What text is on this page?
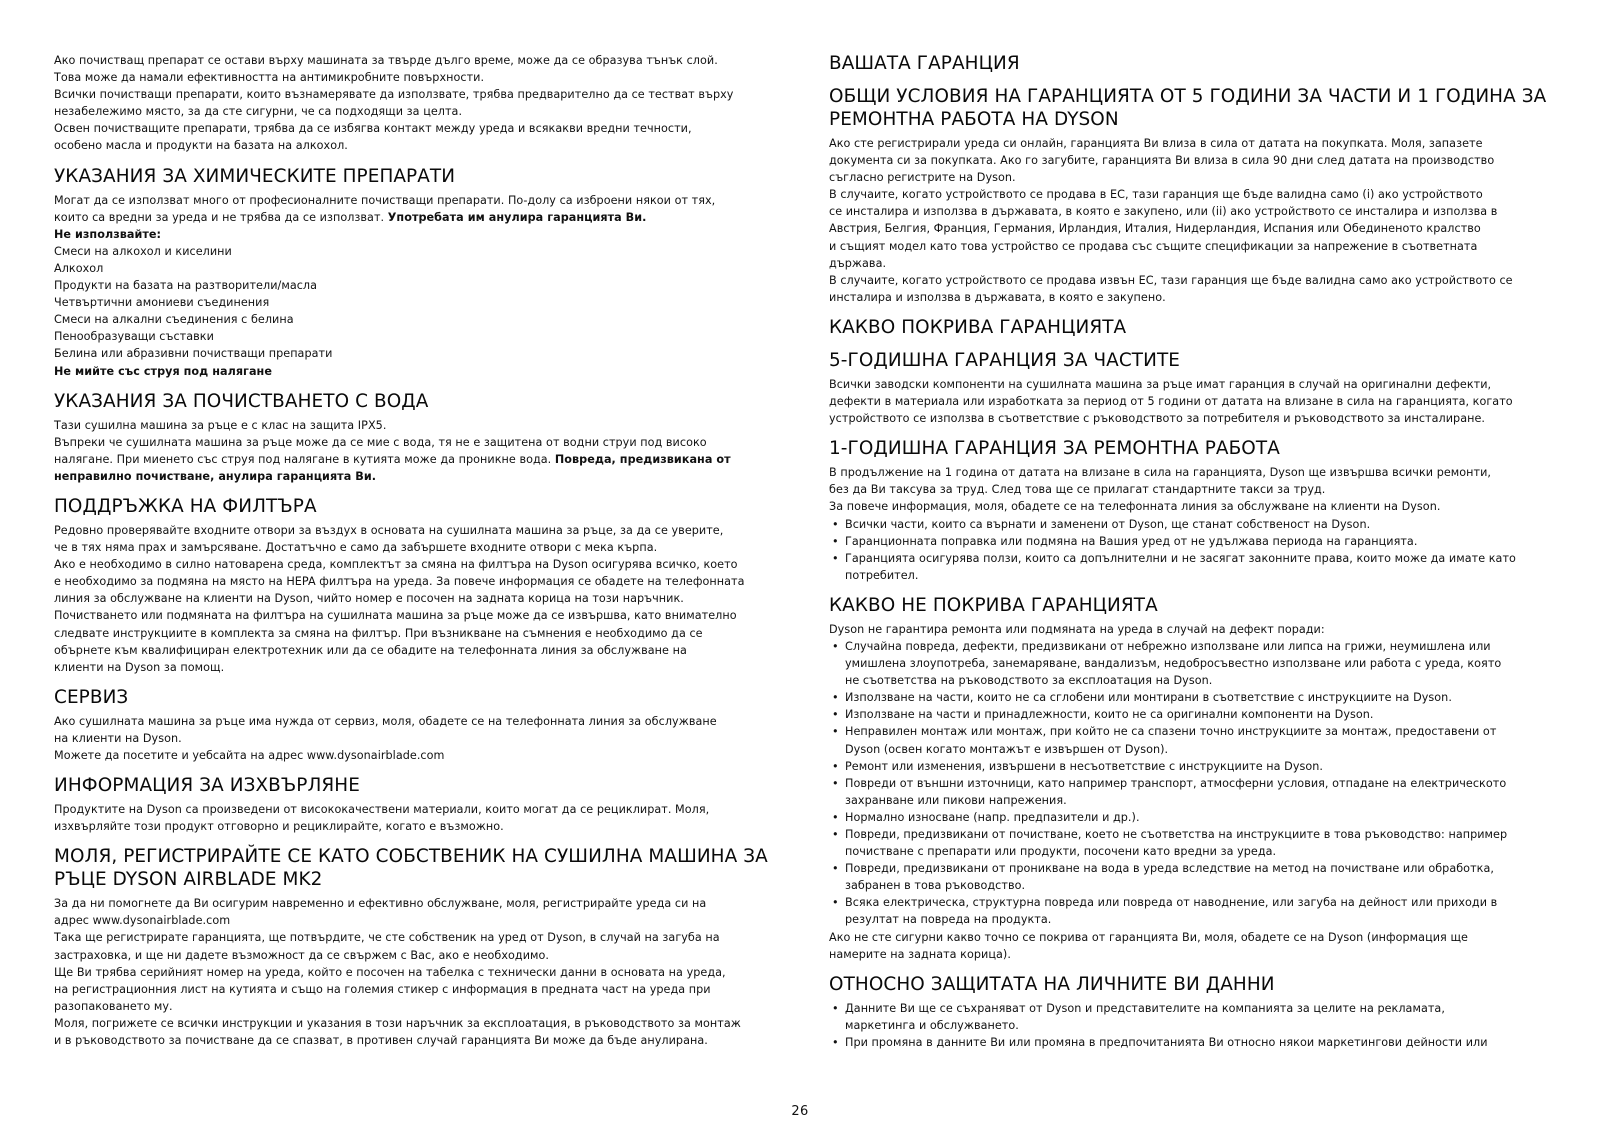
Ако почистващ препарат се остави върху машината за твърде дълго време, може да се образува тънък слой.
Това може да намали ефективността на антимикробните повърхности.
Всички почистващи препарати, които възнамерявате да използвате, трябва предварително да се тестват върху
незабележимо място, за да сте сигурни, че са подходящи за целта.
Освен почистващите препарати, трябва да се избягва контакт между уреда и всякакви вредни течности,
особено масла и продукти на базата на алкохол.

УКАЗАНИЯ ЗА ХИМИЧЕСКИТЕ ПРЕПАРАТИ

Могат да се използват много от професионалните почистващи препарати. По-долу са изброени някои от тях,
които са вредни за уреда и не трябва да се използват. Употребата им анулира гаранцията Ви.
Не използвайте:
Смеси на алкохол и киселини
Алкохол
Продукти на базата на разтворители/масла
Четвъртични амониеви съединения
Смеси на алкални съединения с белина
Пенообразуващи съставки
Белина или абразивни почистващи препарати
Не мийте със струя под налягане

УКАЗАНИЯ ЗА ПОЧИСТВАНЕТО С ВОДА

Тази сушилна машина за ръце е с клас на защита IPX5.
Въпреки че сушилната машина за ръце може да се мие с вода, тя не е защитена от водни струи под високо
налягане. При миенето със струя под налягане в кутията може да проникне вода. Повреда, предизвикана от
неправилно почистване, анулира гаранцията Ви.

ПОДДРЪЖКА НА ФИЛТЪРА

Редовно проверявайте входните отвори за въздух в основата на сушилната машина за ръце, за да се уверите,
че в тях няма прах и замърсяване. Достатъчно е само да забършете входните отвори с мека кърпа.
Ако е необходимо в силно натоварена среда, комплектът за смяна на филтъра на Dyson осигурява всичко, което
е необходимо за подмяна на място на HEPA филтъра на уреда. За повече информация се обадете на телефонната
линия за обслужване на клиенти на Dyson, чийто номер е посочен на задната корица на този наръчник.
Почистването или подмяната на филтъра на сушилната машина за ръце може да се извършва, като внимателно
следвате инструкциите в комплекта за смяна на филтър. При възникване на съмнения е необходимо да се
обърнете към квалифициран електротехник или да се обадите на телефонната линия за обслужване на
клиенти на Dyson за помощ.

СЕРВИЗ

Ако сушилната машина за ръце има нужда от сервиз, моля, обадете се на телефонната линия за обслужване
на клиенти на Dyson.
Можете да посетите и уебсайта на адрес www.dysonairblade.com

ИНФОРМАЦИЯ ЗА ИЗХВЪРЛЯНЕ

Продуктите на Dyson са произведени от висококачествени материали, които могат да се рециклират. Моля,
изхвърляйте този продукт отговорно и рециклирайте, когато е възможно.

МОЛЯ, РЕГИСТРИРАЙТЕ СЕ КАТО СОБСТВЕНИК НА СУШИЛНА МАШИНА ЗА
РЪЦЕ DYSON AIRBLADE MK2

За да ни помогнете да Ви осигурим навременно и ефективно обслужване, моля, регистрирайте уреда си на
адрес www.dysonairblade.com
Така ще регистрирате гаранцията, ще потвърдите, че сте собственик на уред от Dyson, в случай на загуба на
застраховка, и ще ни дадете възможност да се свържем с Вас, ако е необходимо.
Ще Ви трябва серийният номер на уреда, който е посочен на табелка с технически данни в основата на уреда,
на регистрационния лист на кутията и също на големия стикер с информация в предната част на уреда при
разопаковането му.
Моля, погрижете се всички инструкции и указания в този наръчник за експлоатация, в ръководството за монтаж
и в ръководството за почистване да се спазват, в противен случай гаранцията Ви може да бъде анулирана.

ВАШАТА ГАРАНЦИЯ
ОБЩИ УСЛОВИЯ НА ГАРАНЦИЯТА ОТ 5 ГОДИНИ ЗА ЧАСТИ И 1 ГОДИНА ЗА
РЕМОНТНА РАБОТА НА DYSON

Ако сте регистрирали уреда си онлайн, гаранцията Ви влиза в сила от датата на покупката. Моля, запазете
документа си за покупката. Ако го загубите, гаранцията Ви влиза в сила 90 дни след датата на производство
съгласно регистрите на Dyson.
В случаите, когато устройството се продава в ЕС, тази гаранция ще бъде валидна само (i) ако устройството
се инсталира и използва в държавата, в която е закупено, или (ii) ако устройството се инсталира и използва в
Австрия, Белгия, Франция, Германия, Ирландия, Италия, Нидерландия, Испания или Обединеното кралство
и същият модел като това устройство се продава със същите спецификации за напрежение в съответната
държава.
В случаите, когато устройството се продава извън ЕС, тази гаранция ще бъде валидна само ако устройството се
инсталира и използва в държавата, в която е закупено.

КАКВО ПОКРИВА ГАРАНЦИЯТА
5-ГОДИШНА ГАРАНЦИЯ ЗА ЧАСТИТЕ

Всички заводски компоненти на сушилната машина за ръце имат гаранция в случай на оригинални дефекти,
дефекти в материала или изработката за период от 5 години от датата на влизане в сила на гаранцията, когато
устройството се използва в съответствие с ръководството за потребителя и ръководството за инсталиране.

1-ГОДИШНА ГАРАНЦИЯ ЗА РЕМОНТНА РАБОТА

В продължение на 1 година от датата на влизане в сила на гаранцията, Dyson ще извършва всички ремонти,
без да Ви таксува за труд. След това ще се прилагат стандартните такси за труд.
За повече информация, моля, обадете се на телефонната линия за обслужване на клиенти на Dyson.

• Всички части, които са върнати и заменени от Dyson, ще станат собственост на Dyson.
• Гаранционната поправка или подмяна на Вашия уред от не удължава периода на гаранцията.
• Гаранцията осигурява ползи, които са допълнителни и не засягат законните права, които може да имате като
потребител.
КАКВО НЕ ПОКРИВА ГАРАНЦИЯТА

Dyson не гарантира ремонта или подмяната на уреда в случай на дефект поради:

• Случайна повреда, дефекти, предизвикани от небрежно използване или липса на грижи, неумишлена или
умишлена злоупотреба, занемаряване, вандализъм, недобросъвестно използване или работа с уреда, която
не съответства на ръководството за експлоатация на Dyson.
• Използване на части, които не са сглобени или монтирани в съответствие с инструкциите на Dyson.
• Използване на части и принадлежности, които не са оригинални компоненти на Dyson.
• Неправилен монтаж или монтаж, при който не са спазени точно инструкциите за монтаж, предоставени от
Dyson (освен когато монтажът е извършен от Dyson).
• Ремонт или изменения, извършени в несъответствие с инструкциите на Dyson.
• Повреди от външни източници, като например транспорт, атмосферни условия, отпадане на електрическото
захранване или пикови напрежения.
• Нормално износване (напр. предпазители и др.).
• Повреди, предизвикани от почистване, което не съответства на инструкциите в това ръководство: например
почистване с препарати или продукти, посочени като вредни за уреда.
• Повреди, предизвикани от проникване на вода в уреда вследствие на метод на почистване или обработка,
забранен в това ръководство.
• Всяка електрическа, структурна повреда или повреда от наводнение, или загуба на дейност или приходи в
резултат на повреда на продукта.

Ако не сте сигурни какво точно се покрива от гаранцията Ви, моля, обадете се на Dyson (информация ще
намерите на задната корица).

ОТНОСНО ЗАЩИТАТА НА ЛИЧНИТЕ ВИ ДАННИ
• Данните Ви ще се съхраняват от Dyson и представителите на компанията за целите на рекламата,
маркетинга и обслужването.
• При промяна в данните Ви или промяна в предпочитанията Ви относно някои маркетингови дейности или
26
